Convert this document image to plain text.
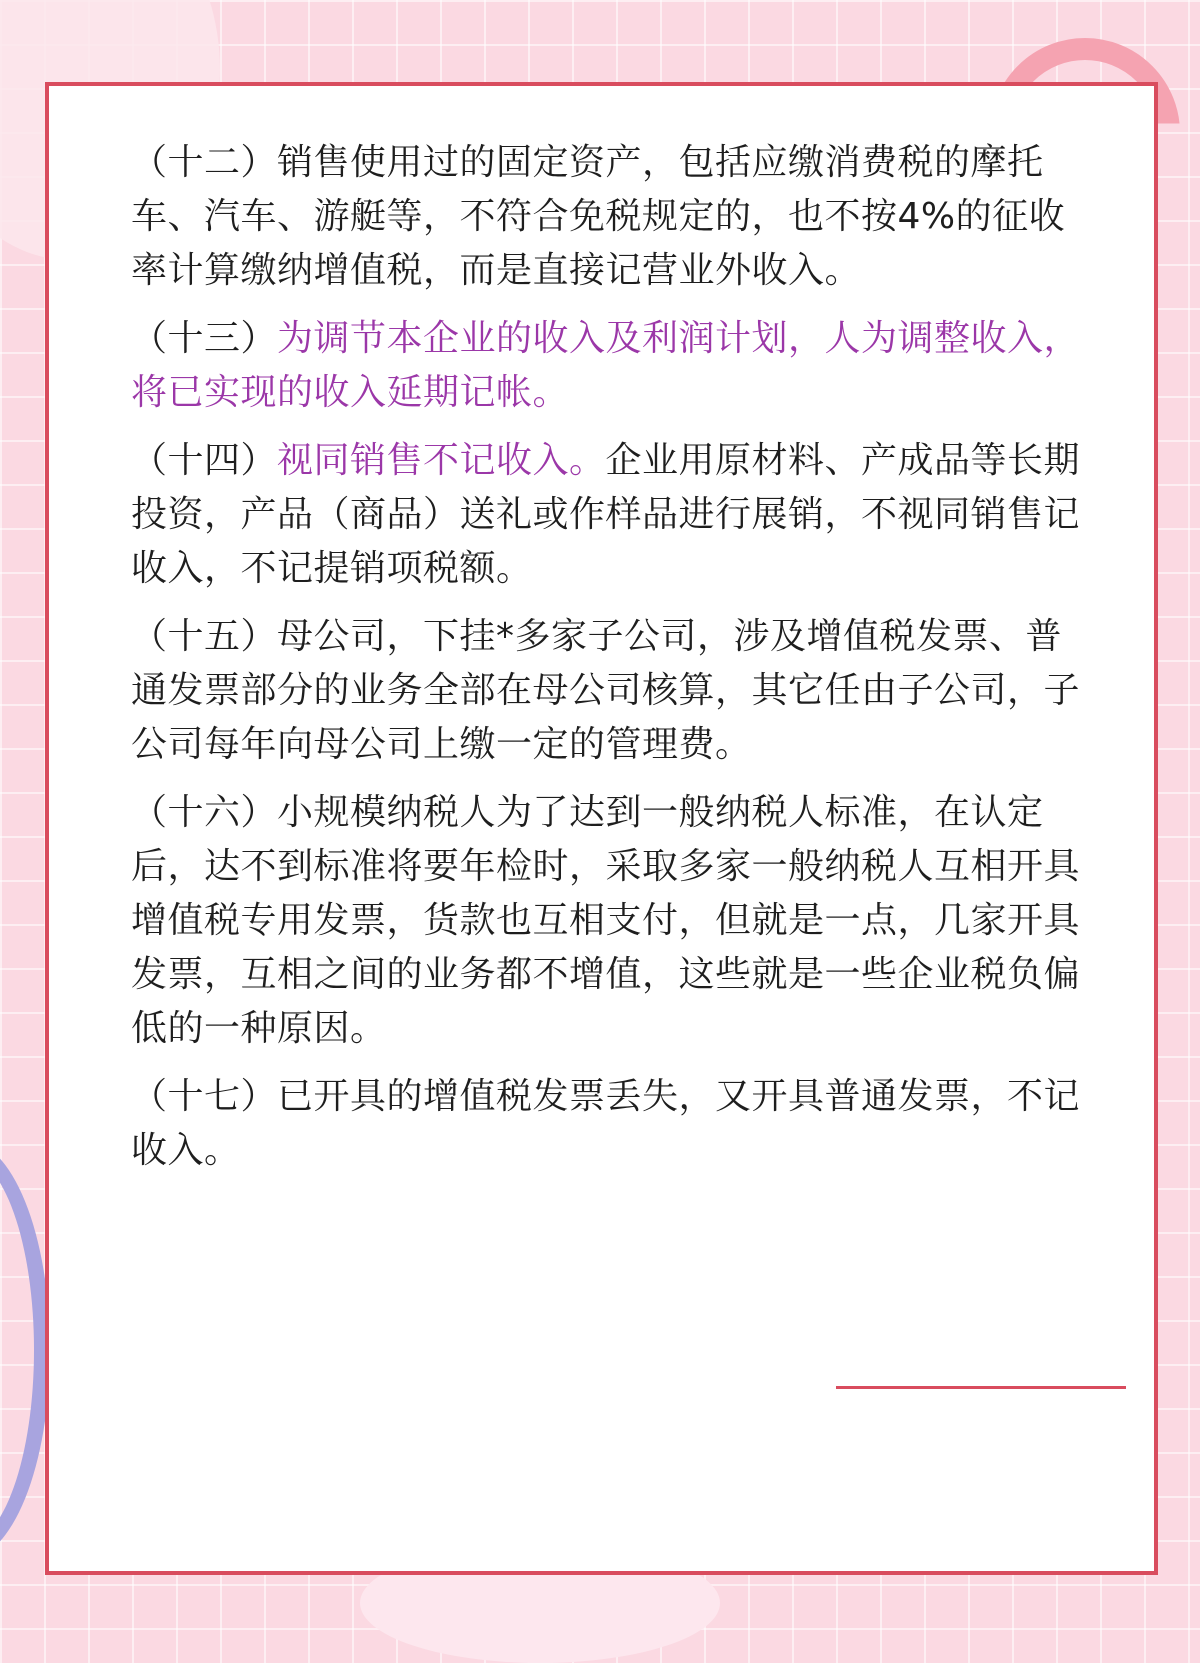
（十二）销售使用过的固定资产，包括应缴消费税的摩托车、汽车、游艇等，不符合免税规定的，也不按4%的征收率计算缴纳增值税，而是直接记营业外收入。

（十三）为调节本企业的收入及利润计划，人为调整收入，将已实现的收入延期记帐。

（十四）视同销售不记收入。企业用原材料、产成品等长期投资，产品（商品）送礼或作样品进行展销，不视同销售记收入，不记提销项税额。

（十五）母公司，下挂*多家子公司，涉及增值税发票、普通发票部分的业务全部在母公司核算，其它任由子公司，子公司每年向母公司上缴一定的管理费。

（十六）小规模纳税人为了达到一般纳税人标准，在认定后，达不到标准将要年检时，采取多家一般纳税人互相开具增值税专用发票，货款也互相支付，但就是一点，几家开具发票，互相之间的业务都不增值，这些就是一些企业税负偏低的一种原因。

（十七）已开具的增值税发票丢失，又开具普通发票，不记收入。
